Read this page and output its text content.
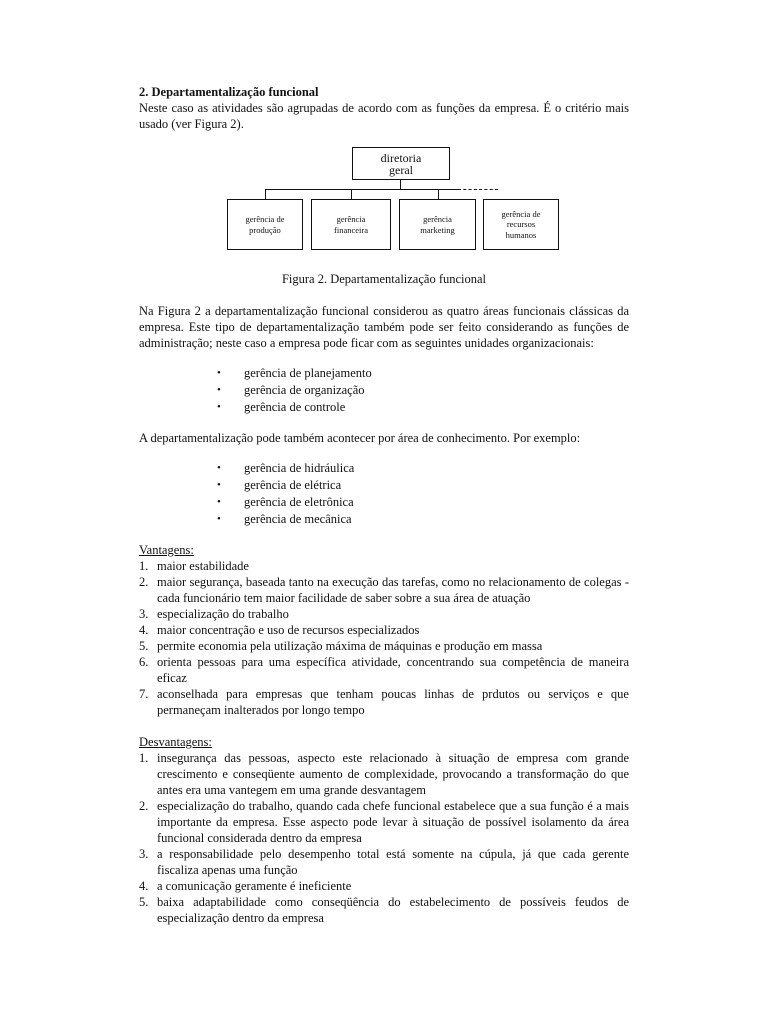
2. Departamentalização funcional

Neste caso as atividades são agrupadas de acordo com as funções da empresa. É o critério mais usado (ver Figura 2).

diretoria
geral
gerência de
produção
gerência
financeira
gerência
marketing
gerência de
recursos
humanos

Figura 2. Departamentalização funcional

Na Figura 2 a departamentalização funcional considerou as quatro áreas funcionais clássicas da empresa. Este tipo de departamentalização também pode ser feito considerando as funções de administração; neste caso a empresa pode ficar com as seguintes unidades organizacionais:

• gerência de planejamento
• gerência de organização
• gerência de controle

A departamentalização pode também acontecer por área de conhecimento. Por exemplo:

• gerência de hidráulica
• gerência de elétrica
• gerência de eletrônica
• gerência de mecânica

Vantagens:

1. maior estabilidade
2. maior segurança, baseada tanto na execução das tarefas, como no relacionamento de colegas - cada funcionário tem maior facilidade de saber sobre a sua área de atuação
3. especialização do trabalho
4. maior concentração e uso de recursos especializados
5. permite economia pela utilização máxima de máquinas e produção em massa
6. orienta pessoas para uma específica atividade, concentrando sua competência de maneira eficaz
7. aconselhada para empresas que tenham poucas linhas de prdutos ou serviços e que permaneçam inalterados por longo tempo

Desvantagens:

1. insegurança das pessoas, aspecto este relacionado à situação de empresa com grande crescimento e conseqüente aumento de complexidade, provocando a transformação do que antes era uma vantegem em uma grande desvantagem
2. especialização do trabalho, quando cada chefe funcional estabelece que a sua função é a mais importante da empresa. Esse aspecto pode levar à situação de possível isolamento da área funcional considerada dentro da empresa
3. a responsabilidade pelo desempenho total está somente na cúpula, já que cada gerente fiscaliza apenas uma função
4. a comunicação geramente é ineficiente
5. baixa adaptabilidade como conseqüência do estabelecimento de possíveis feudos de especialização dentro da empresa
